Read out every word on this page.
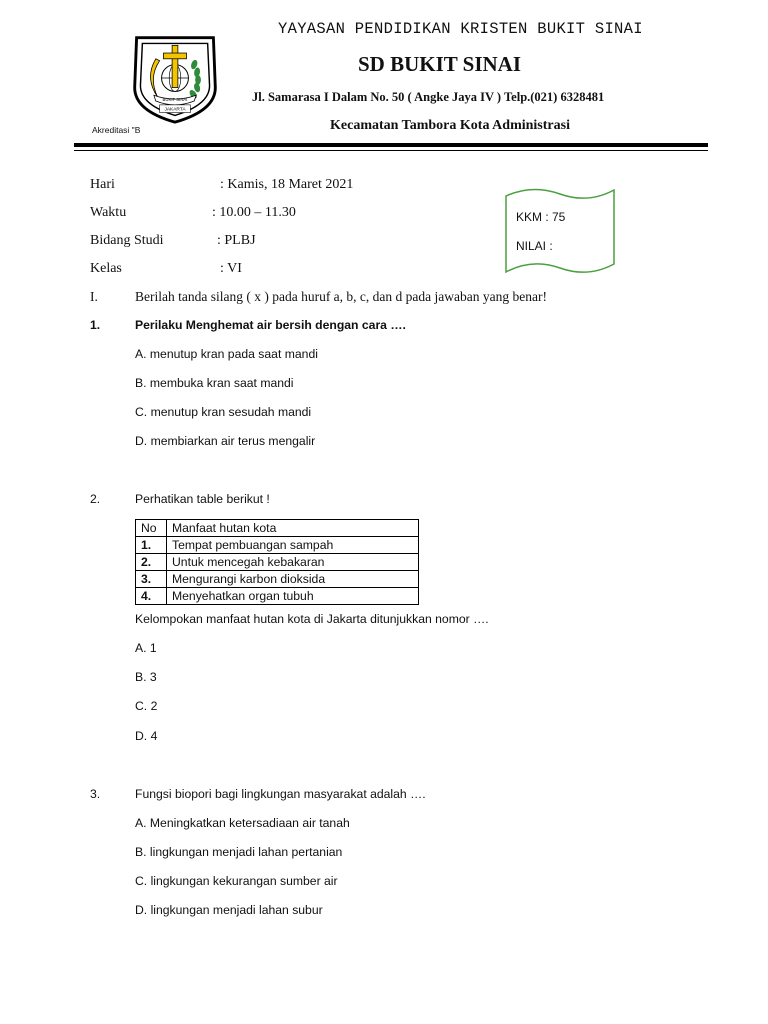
BUKIT SINAI
JAKARTA
YAYASAN PENDIDIKAN KRISTEN BUKIT SINAI
SD BUKIT SINAI
Jl. Samarasa I Dalam No. 50 ( Angke Jaya IV ) Telp.(021) 6328481
Kecamatan Tambora Kota Administrasi
Akreditasi "B
Hari	: Kamis, 18 Maret 2021
Waktu	: 10.00 – 11.30
Bidang Studi	: PLBJ
Kelas	: VI
KKM : 75
NILAI :
I.	Berilah tanda silang ( x ) pada huruf a, b, c, dan d pada jawaban yang benar!
1.	Perilaku Menghemat air bersih dengan cara ….
A. menutup kran pada saat mandi
B. membuka kran saat mandi
C. menutup kran sesudah mandi
D. membiarkan air terus mengalir
2.	Perhatikan table berikut !
No	Manfaat hutan kota
1.	Tempat pembuangan sampah
2.	Untuk mencegah kebakaran
3.	Mengurangi karbon dioksida
4.	Menyehatkan organ tubuh
Kelompokan manfaat hutan kota di Jakarta ditunjukkan nomor ….
A. 1
B. 3
C. 2
D. 4
3.	Fungsi biopori bagi lingkungan masyarakat adalah ….
A. Meningkatkan ketersadiaan air tanah
B. lingkungan menjadi lahan pertanian
C. lingkungan kekurangan sumber air
D. lingkungan menjadi lahan subur
